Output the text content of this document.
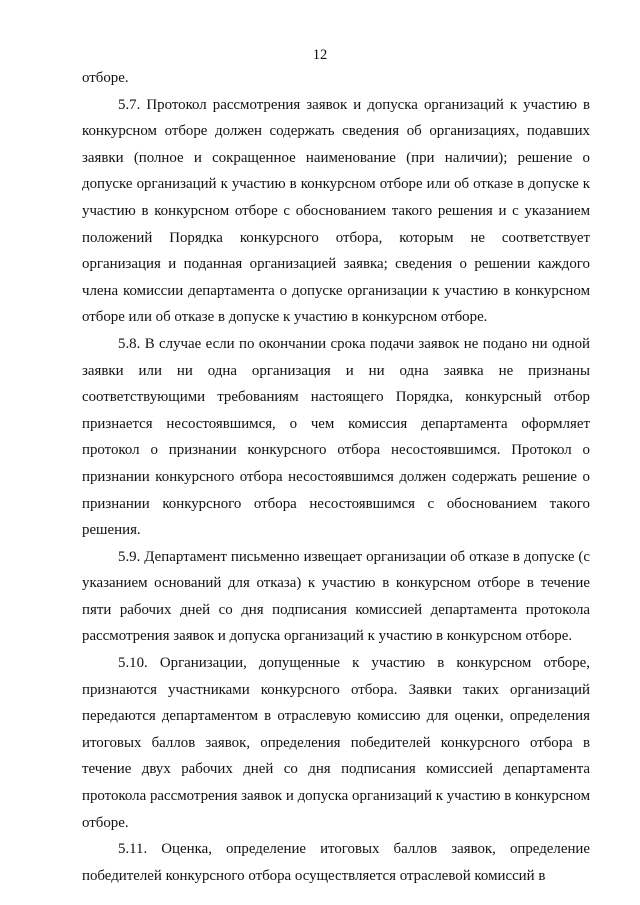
12

отборе.

5.7. Протокол рассмотрения заявок и допуска организаций к участию в конкурсном отборе должен содержать сведения об организациях, подавших заявки (полное и сокращенное наименование (при наличии); решение о допуске организаций к участию в конкурсном отборе или об отказе в допуске к участию в конкурсном отборе с обоснованием такого решения и с указанием положений Порядка конкурсного отбора, которым не соответствует организация и поданная организацией заявка; сведения о решении каждого члена комиссии департамента о допуске организации к участию в конкурсном отборе или об отказе в допуске к участию в конкурсном отборе.

5.8. В случае если по окончании срока подачи заявок не подано ни одной заявки или ни одна организация и ни одна заявка не признаны соответствующими требованиям настоящего Порядка, конкурсный отбор признается несостоявшимся, о чем комиссия департамента оформляет протокол о признании конкурсного отбора несостоявшимся. Протокол о признании конкурсного отбора несостоявшимся должен содержать решение о признании конкурсного отбора несостоявшимся с обоснованием такого решения.

5.9. Департамент письменно извещает организации об отказе в допуске (с указанием оснований для отказа) к участию в конкурсном отборе в течение пяти рабочих дней со дня подписания комиссией департамента протокола рассмотрения заявок и допуска организаций к участию в конкурсном отборе.

5.10. Организации, допущенные к участию в конкурсном отборе, признаются участниками конкурсного отбора. Заявки таких организаций передаются департаментом в отраслевую комиссию для оценки, определения итоговых баллов заявок, определения победителей конкурсного отбора в течение двух рабочих дней со дня подписания комиссией департамента протокола рассмотрения заявок и допуска организаций к участию в конкурсном отборе.

5.11. Оценка, определение итоговых баллов заявок, определение победителей конкурсного отбора осуществляется отраслевой комиссий в
